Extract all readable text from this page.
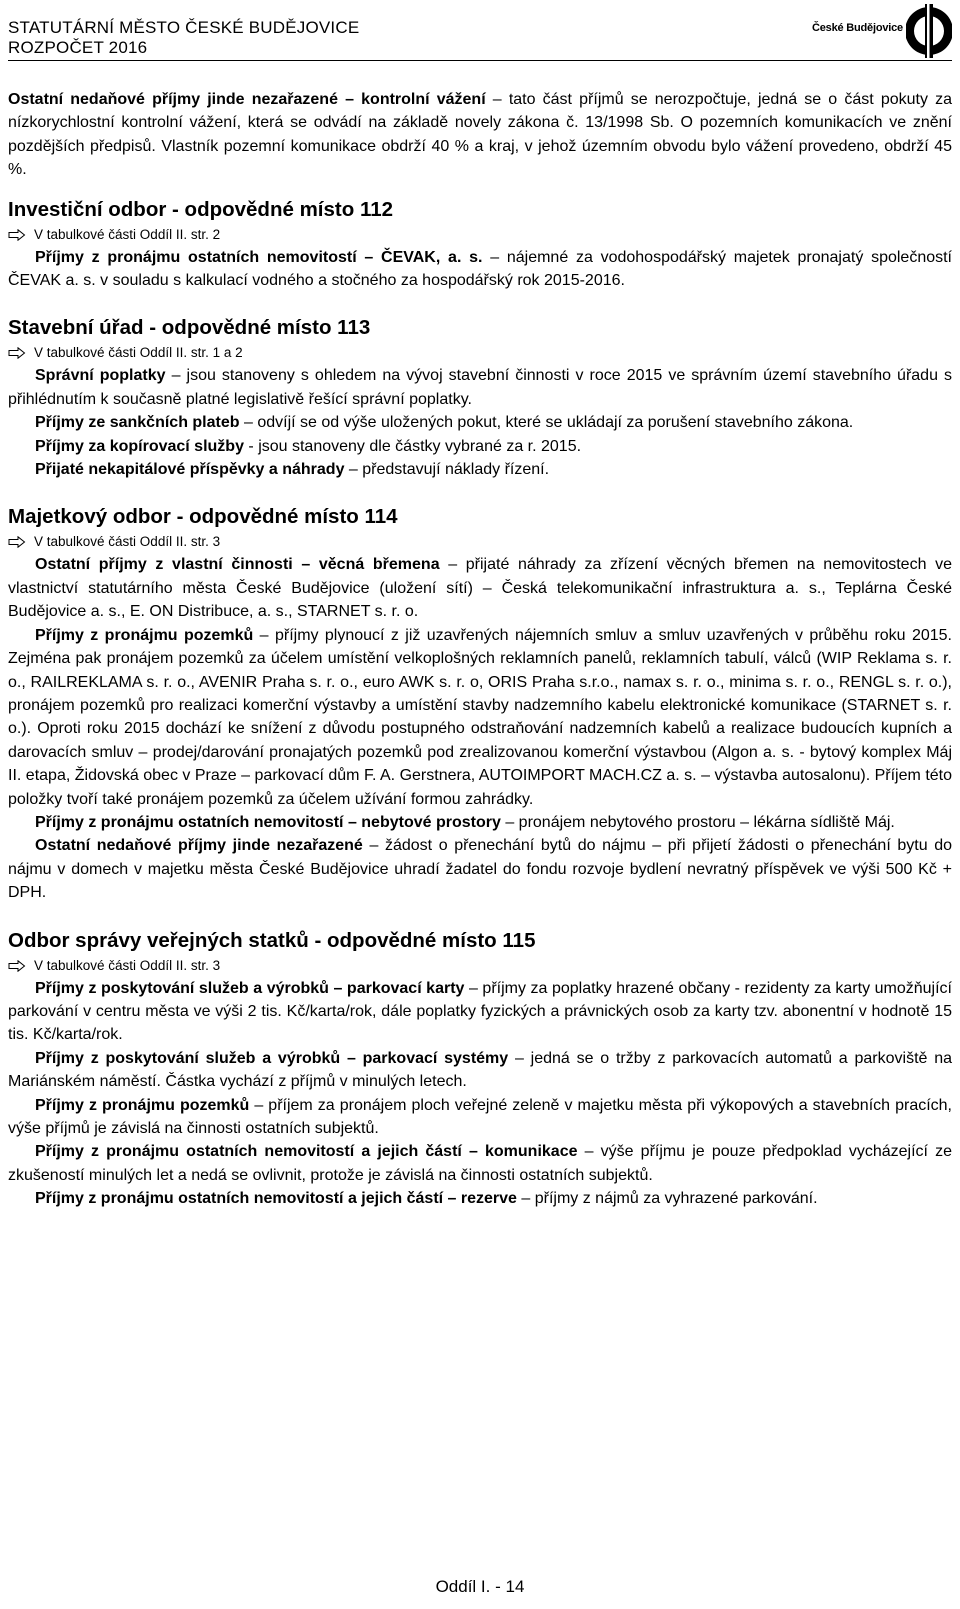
STATUTÁRNÍ MĚSTO ČESKÉ BUDĚJOVICE
ROZPOČET 2016
České Budějovice

Ostatní nedaňové příjmy jinde nezařazené – kontrolní vážení – tato část příjmů se nerozpočtuje, jedná se o část pokuty za nízkorychlostní kontrolní vážení, která se odvádí na základě novely zákona č. 13/1998 Sb. O pozemních komunikacích ve znění pozdějších předpisů. Vlastník pozemní komunikace obdrží 40 % a kraj, v jehož územním obvodu bylo vážení provedeno, obdrží 45 %.

Investiční odbor - odpovědné místo 112
V tabulkové části Oddíl II. str. 2

Příjmy z pronájmu ostatních nemovitostí – ČEVAK, a. s. – nájemné za vodohospodářský majetek pronajatý společností ČEVAK a. s. v souladu s kalkulací vodného a stočného za hospodářský rok 2015-2016.

Stavební úřad - odpovědné místo 113
V tabulkové části Oddíl II. str. 1 a 2

Správní poplatky – jsou stanoveny s ohledem na vývoj stavební činnosti v roce 2015 ve správním území stavebního úřadu s přihlédnutím k současně platné legislativě řešící správní poplatky.

Příjmy ze sankčních plateb – odvíjí se od výše uložených pokut, které se ukládají za porušení stavebního zákona.

Příjmy za kopírovací služby - jsou stanoveny dle částky vybrané za r. 2015.

Přijaté nekapitálové příspěvky a náhrady – představují náklady řízení.

Majetkový odbor - odpovědné místo 114
V tabulkové části Oddíl II. str. 3

Ostatní příjmy z vlastní činnosti – věcná břemena – přijaté náhrady za zřízení věcných břemen na nemovitostech ve vlastnictví statutárního města České Budějovice (uložení sítí) – Česká telekomunikační infrastruktura a. s., Teplárna České Budějovice a. s., E. ON Distribuce, a. s., STARNET s. r. o.

Příjmy z pronájmu pozemků – příjmy plynoucí z již uzavřených nájemních smluv a smluv uzavřených v průběhu roku 2015. Zejména pak pronájem pozemků za účelem umístění velkoplošných reklamních panelů, reklamních tabulí, válců (WIP Reklama s. r. o., RAILREKLAMA s. r. o., AVENIR Praha s. r. o., euro AWK s. r. o, ORIS Praha s.r.o., namax s. r. o., minima s. r. o., RENGL s. r. o.), pronájem pozemků pro realizaci komerční výstavby a umístění stavby nadzemního kabelu elektronické komunikace (STARNET s. r. o.). Oproti roku 2015 dochází ke snížení z důvodu postupného odstraňování nadzemních kabelů a realizace budoucích kupních a darovacích smluv – prodej/darování pronajatých pozemků pod zrealizovanou komerční výstavbou (Algon a. s. - bytový komplex Máj II. etapa, Židovská obec v Praze – parkovací dům F. A. Gerstnera, AUTOIMPORT MACH.CZ a. s. – výstavba autosalonu). Příjem této položky tvoří také pronájem pozemků za účelem užívání formou zahrádky.

Příjmy z pronájmu ostatních nemovitostí – nebytové prostory – pronájem nebytového prostoru – lékárna sídliště Máj.

Ostatní nedaňové příjmy jinde nezařazené – žádost o přenechání bytů do nájmu – při přijetí žádosti o přenechání bytu do nájmu v domech v majetku města České Budějovice uhradí žadatel do fondu rozvoje bydlení nevratný příspěvek ve výši 500 Kč + DPH.

Odbor správy veřejných statků - odpovědné místo 115
V tabulkové části Oddíl II. str. 3

Příjmy z poskytování služeb a výrobků – parkovací karty – příjmy za poplatky hrazené občany - rezidenty za karty umožňující parkování v centru města ve výši 2 tis. Kč/karta/rok, dále poplatky fyzických a právnických osob za karty tzv. abonentní v hodnotě 15 tis. Kč/karta/rok.

Příjmy z poskytování služeb a výrobků – parkovací systémy – jedná se o tržby z parkovacích automatů a parkoviště na Mariánském náměstí. Částka vychází z příjmů v minulých letech.

Příjmy z pronájmu pozemků – příjem za pronájem ploch veřejné zeleně v majetku města při výkopových a stavebních pracích, výše příjmů je závislá na činnosti ostatních subjektů.

Příjmy z pronájmu ostatních nemovitostí a jejich částí – komunikace – výše příjmu je pouze předpoklad vycházející ze zkušeností minulých let a nedá se ovlivnit, protože je závislá na činnosti ostatních subjektů.

Příjmy z pronájmu ostatních nemovitostí a jejich částí – rezerve – příjmy z nájmů za vyhrazené parkování.

Oddíl I. - 14
